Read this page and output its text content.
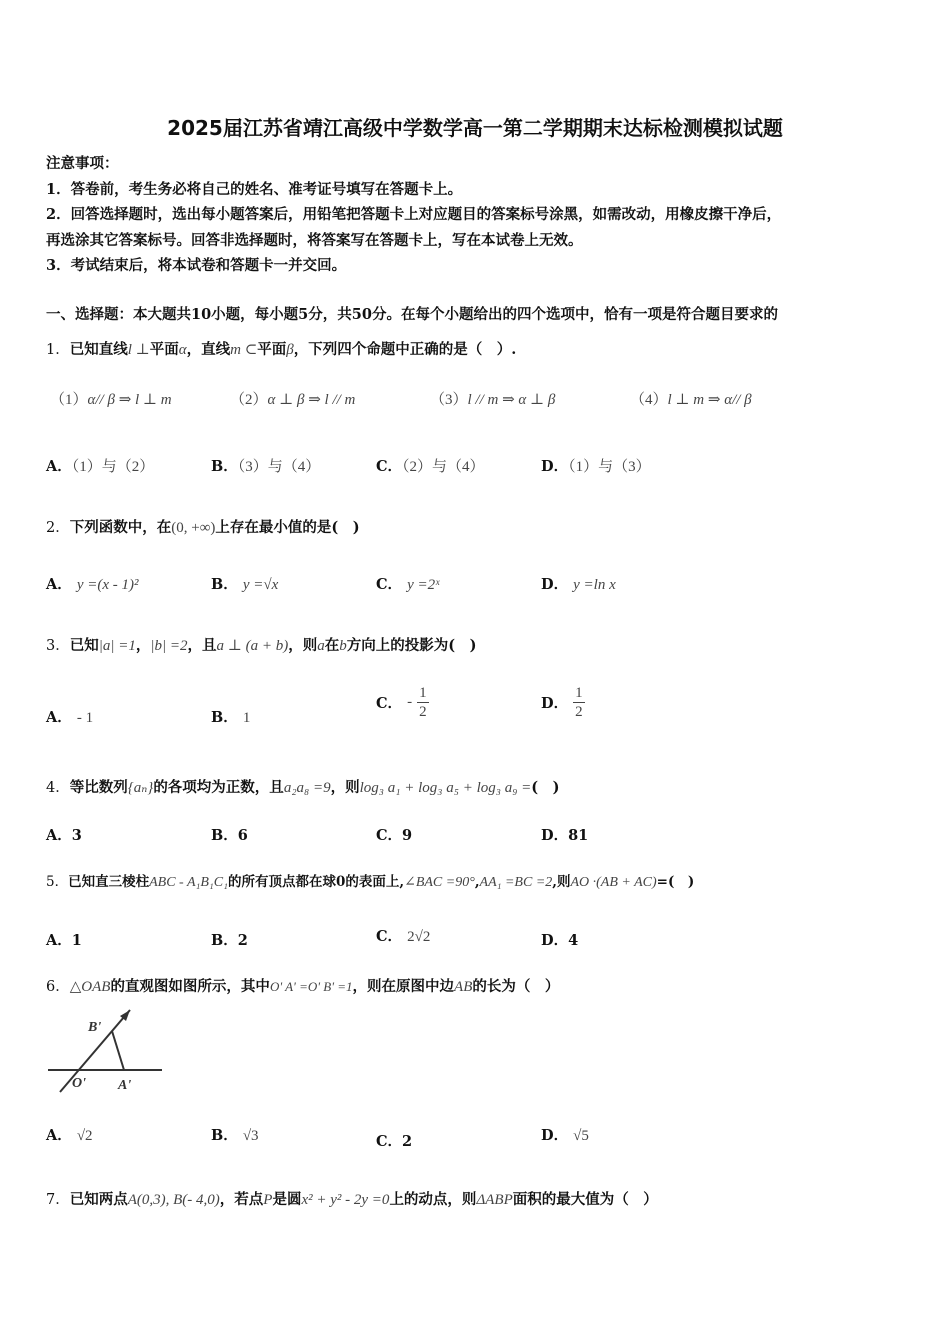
2025届江苏省靖江高级中学数学高一第二学期期末达标检测模拟试题
注意事项：
1．答卷前，考生务必将自己的姓名、准考证号填写在答题卡上。
2．回答选择题时，选出每小题答案后，用铅笔把答题卡上对应题目的答案标号涂黑，如需改动，用橡皮擦干净后，
再选涂其它答案标号。回答非选择题时，将答案写在答题卡上，写在本试卷上无效。
3．考试结束后，将本试卷和答题卡一并交回。
一、选择题：本大题共10小题，每小题5分，共50分。在每个小题给出的四个选项中，恰有一项是符合题目要求的
1．已知直线l ⊥平面α，直线m ⊂平面β，下列四个命题中正确的是（　）.
（1）α// β ⇒ l ⊥ m	（2）α ⊥ β ⇒ l // m	（3）l // m ⇒ α ⊥ β	（4）l ⊥ m ⇒ α// β
A．（1）与（2）	B．（3）与（4）	C．（2）与（4）	D．（1）与（3）
2．下列函数中，在(0, +∞)上存在最小值的是(　)
A． y =(x - 1)²	B． y =√x	C． y =2ˣ	D． y =ln x
3．已知|a| =1，|b| =2，且a ⊥ (a + b)，则a在b方向上的投影为(　)
A． - 1	B． 1
C． - $\frac{1}{2}$	D． $\frac{1}{2}$
4．等比数列{aₙ}的各项均为正数，且a₂a₈ =9，则log₃ a₁ + log₃ a₅ + log₃ a₉ =(　)
A．3	B．6	C．9	D．81
5．已知直三棱柱ABC - A₁B₁C₁的所有顶点都在球0的表面上,∠BAC =90°,AA₁ =BC =2,则AO ·(AB + AC)=(　)
A．1	B．2	C． 2√2	D．4
6．△OAB的直观图如图所示，其中O' A' =O' B' =1，则在原图中边AB的长为（　）
B'
O' A'
A． √2	B． √3	C．2	D． √5
7．已知两点A(0,3), B(- 4,0)，若点P是圆x² + y² - 2y =0上的动点，则ΔABP面积的最大值为（　）
